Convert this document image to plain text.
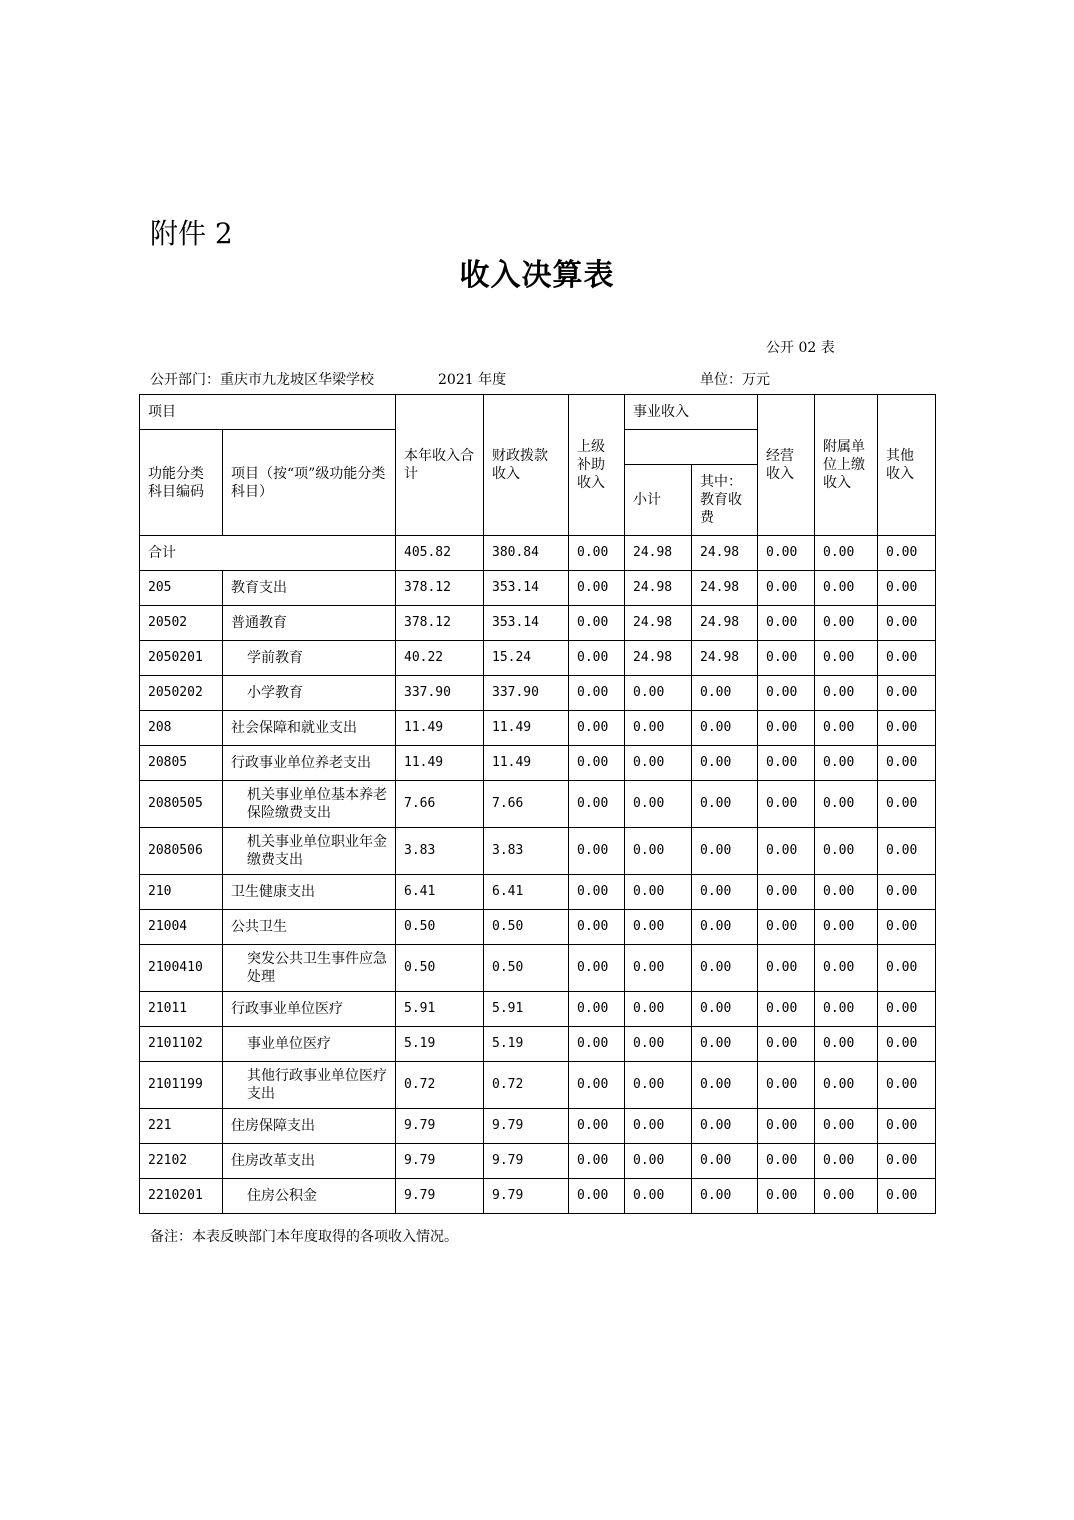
附件 2
收入决算表
公开 02 表
公开部门：重庆市九龙坡区华梁学校	2021 年度	单位：万元
项目		本年收入合计	财政拨款收入	上级补助收入	事业收入		经营收入	附属单位上缴收入	其他收入
功能分类科目编码	项目（按“项”级功能分类科目）								
					小计	其中：教育收费			
合计		405.82	380.84	0.00	24.98	24.98	0.00	0.00	0.00
205	教育支出	378.12	353.14	0.00	24.98	24.98	0.00	0.00	0.00
20502	普通教育	378.12	353.14	0.00	24.98	24.98	0.00	0.00	0.00
2050201	学前教育	40.22	15.24	0.00	24.98	24.98	0.00	0.00	0.00
2050202	小学教育	337.90	337.90	0.00	0.00	0.00	0.00	0.00	0.00
208	社会保障和就业支出	11.49	11.49	0.00	0.00	0.00	0.00	0.00	0.00
20805	行政事业单位养老支出	11.49	11.49	0.00	0.00	0.00	0.00	0.00	0.00
2080505	机关事业单位基本养老保险缴费支出	7.66	7.66	0.00	0.00	0.00	0.00	0.00	0.00
2080506	机关事业单位职业年金缴费支出	3.83	3.83	0.00	0.00	0.00	0.00	0.00	0.00
210	卫生健康支出	6.41	6.41	0.00	0.00	0.00	0.00	0.00	0.00
21004	公共卫生	0.50	0.50	0.00	0.00	0.00	0.00	0.00	0.00
2100410	突发公共卫生事件应急处理	0.50	0.50	0.00	0.00	0.00	0.00	0.00	0.00
21011	行政事业单位医疗	5.91	5.91	0.00	0.00	0.00	0.00	0.00	0.00
2101102	事业单位医疗	5.19	5.19	0.00	0.00	0.00	0.00	0.00	0.00
2101199	其他行政事业单位医疗支出	0.72	0.72	0.00	0.00	0.00	0.00	0.00	0.00
221	住房保障支出	9.79	9.79	0.00	0.00	0.00	0.00	0.00	0.00
22102	住房改革支出	9.79	9.79	0.00	0.00	0.00	0.00	0.00	0.00
2210201	住房公积金	9.79	9.79	0.00	0.00	0.00	0.00	0.00	0.00
备注：本表反映部门本年度取得的各项收入情况。
